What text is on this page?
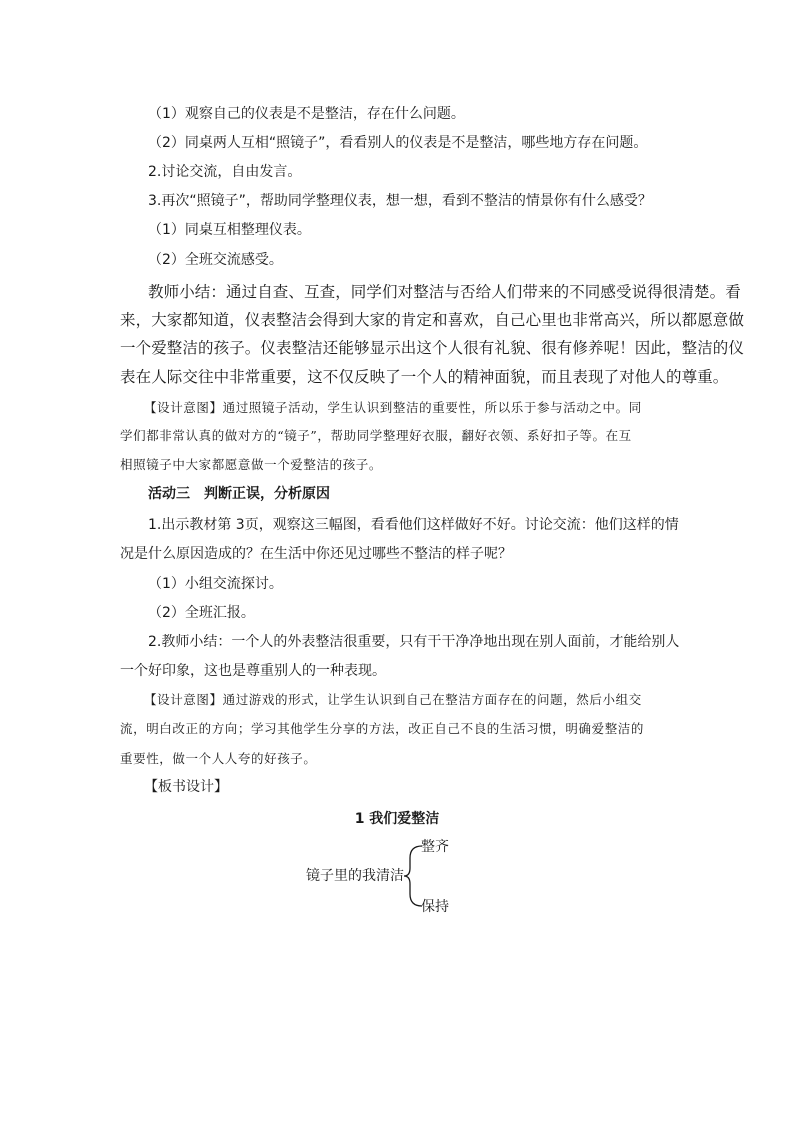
（1）观察自己的仪表是不是整洁，存在什么问题。
（2）同桌两人互相“照镜子”，看看别人的仪表是不是整洁，哪些地方存在问题。
2.讨论交流，自由发言。
3.再次“照镜子”，帮助同学整理仪表，想一想，看到不整洁的情景你有什么感受？
（1）同桌互相整理仪表。
（2）全班交流感受。
教师小结：通过自查、互查，同学们对整洁与否给人们带来的不同感受说得很清楚。看
来，大家都知道，仪表整洁会得到大家的肯定和喜欢，自己心里也非常高兴，所以都愿意做
一个爱整洁的孩子。仪表整洁还能够显示出这个人很有礼貌、很有修养呢！因此，整洁的仪
表在人际交往中非常重要，这不仅反映了一个人的精神面貌，而且表现了对他人的尊重。
【设计意图】通过照镜子活动，学生认识到整洁的重要性，所以乐于参与活动之中。同
学们都非常认真的做对方的“镜子”，帮助同学整理好衣服，翻好衣领、系好扣子等。在互
相照镜子中大家都愿意做一个爱整洁的孩子。
活动三　判断正误，分析原因
1.出示教材第 3页，观察这三幅图，看看他们这样做好不好。讨论交流：他们这样的情
况是什么原因造成的？在生活中你还见过哪些不整洁的样子呢？
（1）小组交流探讨。
（2）全班汇报。
2.教师小结：一个人的外表整洁很重要，只有干干净净地出现在别人面前，才能给别人
一个好印象，这也是尊重别人的一种表现。
【设计意图】通过游戏的形式，让学生认识到自己在整洁方面存在的问题，然后小组交
流，明白改正的方向；学习其他学生分享的方法，改正自己不良的生活习惯，明确爱整洁的
重要性，做一个人人夸的好孩子。
【板书设计】
1 我们爱整洁
镜子里的我清洁
整齐
保持
